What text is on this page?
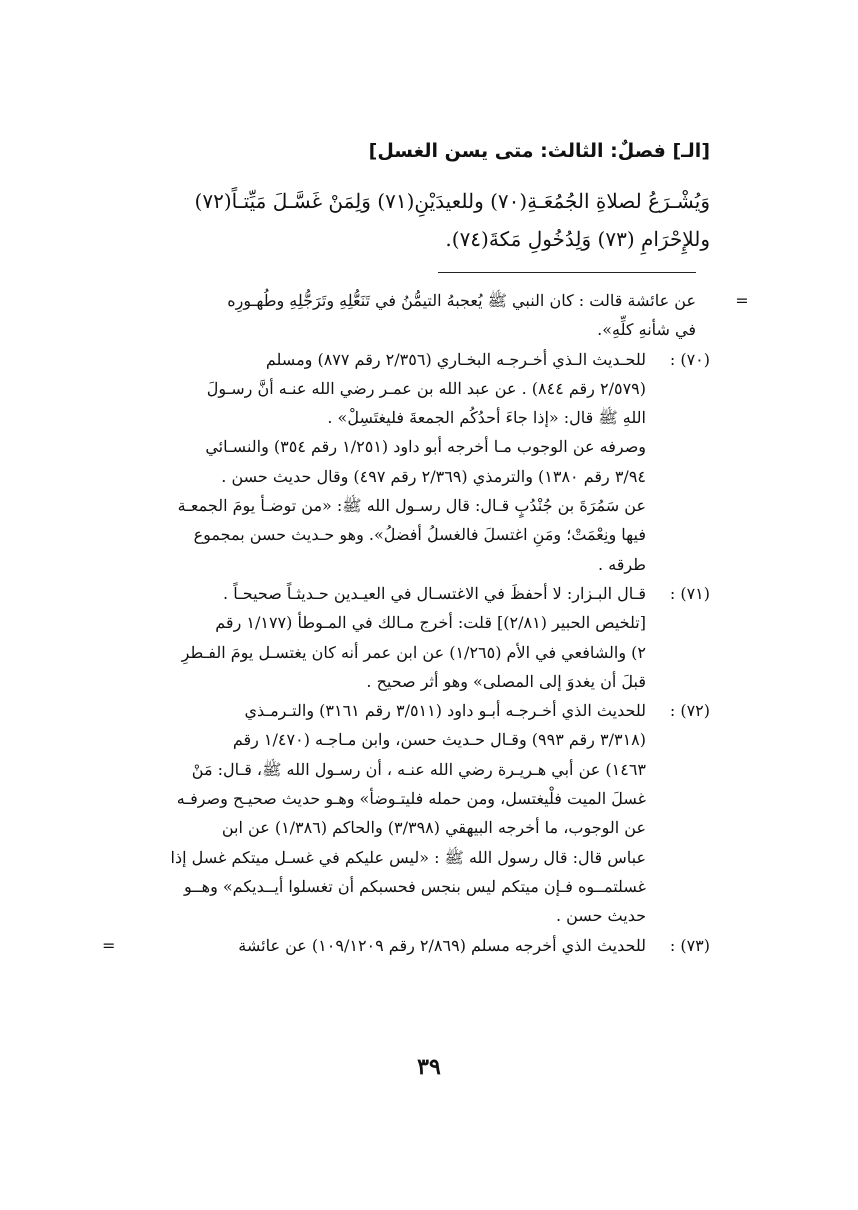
[الـ] فصلٌ: الثالث: متى يسن الغسل]
وَيُشْـرَعُ لصلاةِ الجُمُعَـةِ(٧٠) وللعيدَيْنِ(٧١) وَلِمَنْ غَسَّـلَ مَيِّتـاً(٧٢)
وللإِحْرَامِ (٧٣) وَلِدُخُولِ مَكةَ(٧٤).
=

عن عائشة قالت : كان النبي ﷺ يُعجبهُ التيمُّنُ في تَنَعُّلِهِ وتَرَجُّلِهِ وطُهـورِه

في شأنهِ كلِّهِ».

(٧٠) :

للحـديث الـذي أخـرجـه البخـاري (٢/٣٥٦ رقم ٨٧٧) ومسلم

(٢/٥٧٩ رقم ٨٤٤) . عن عبد الله بن عمـر رضي الله عنـه أنَّ رسـولَ

اللهِ ﷺ قال: «إذا جاءَ أحدُكُم الجمعةَ فليغتَسِلْ» .

وصرفه عن الوجوب مـا أخرجه أبو داود (١/٢٥١ رقم ٣٥٤) والنسـائي

٣/٩٤ رقم ١٣٨٠) والترمذي (٢/٣٦٩ رقم ٤٩٧) وقال حديث حسن .

عن سَمُرَةَ بن جُنْدُبٍ قـال: قال رسـول الله ﷺ: «من توضـأ يومَ الجمعـة

فيها ونِعْمَتْ؛ ومَنِ اغتسلَ فالغسلُ أفضلُ». وهو حـديث حسن بمجموع

طرقه .

(٧١) :

قـال البـزار: لا أحفظَ في الاغتسـال في العيـدين حـديثـاً صحيحـاً .

[تلخيص الحبير (٢/٨١)] قلت: أخرج مـالك في المـوطأ (١/١٧٧ رقم

٢) والشافعي في الأم (١/٢٦٥) عن ابن عمر أنه كان يغتسـل يومَ الفـطرِ

قبلَ أن يغدوَ إلى المصلى» وهو أثر صحيح .

(٧٢) :

للحديث الذي أخـرجـه أبـو داود (٣/٥١١ رقم ٣١٦١) والتـرمـذي

(٣/٣١٨ رقم ٩٩٣) وقـال حـديث حسن، وابن مـاجـه (١/٤٧٠ رقم

١٤٦٣) عن أبي هـريـرة رضي الله عنـه ، أن رسـول الله ﷺ، قـال: مَنْ

غسلَ الميت فلْيغتسل، ومن حمله فليتـوضأ» وهـو حديث صحيـح وصرفـه

عن الوجوب، ما أخرجه البيهقي (٣/٣٩٨) والحاكم (١/٣٨٦) عن ابن

عباس قال: قال رسول الله ﷺ : «ليس عليكم في غسـل ميتكم غسل إذا

غسلتمــوه فـإن ميتكم ليس بنجس فحسبكم أن تغسلوا أيــديكم» وهــو

حديث حسن .

(٧٣) :

للحديث الذي أخرجه مسلم (٢/٨٦٩ رقم ١٠٩/١٢٠٩) عن عائشة

=
٣٩
